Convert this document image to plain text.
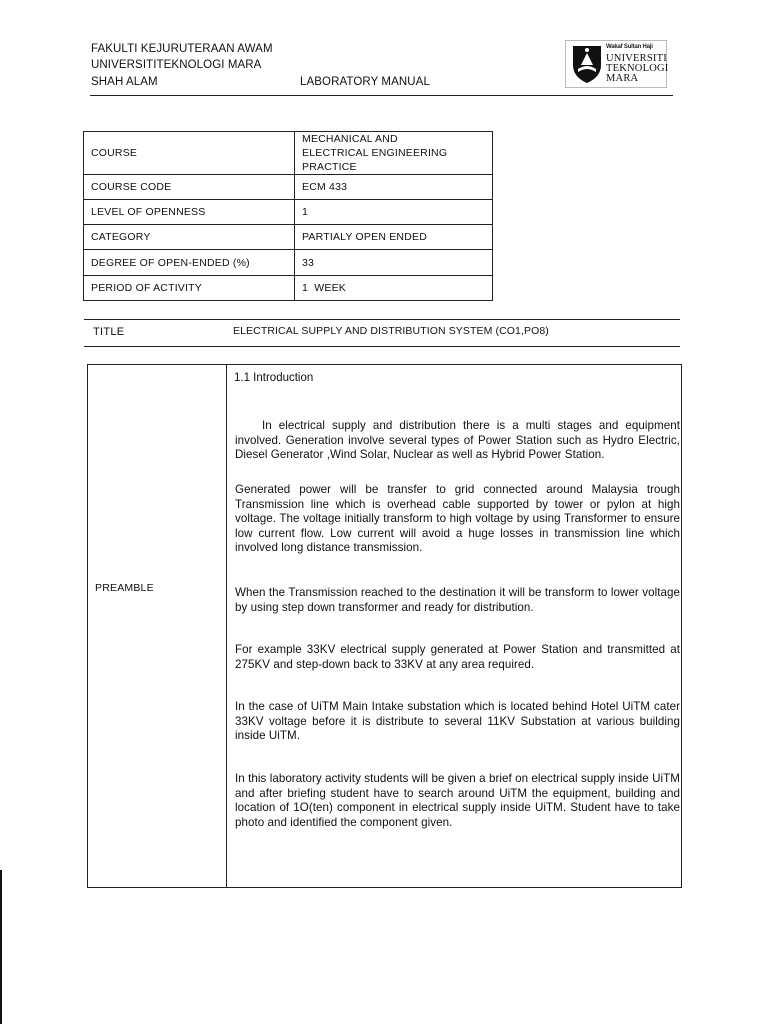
FAKULTI KEJURUTERAAN AWAM
UNIVERSITITEKNOLOGI MARA
SHAH ALAM	LABORATORY MANUAL
Wakaf Sultan Haji
UNIVERSITI
TEKNOLOGI
MARA
COURSE	MECHANICAL AND ELECTRICAL ENGINEERING PRACTICE
COURSE CODE	ECM 433
LEVEL OF OPENNESS	1
CATEGORY	PARTIALY OPEN ENDED
DEGREE OF OPEN-ENDED (%)	33
PERIOD OF ACTIVITY	1  WEEK
TITLE	ELECTRICAL SUPPLY AND DISTRIBUTION SYSTEM (CO1,PO8)
PREAMBLE
1.1 Introduction

In electrical supply and distribution there is a multi stages and equipment involved. Generation involve several types of Power Station such as Hydro Electric, Diesel Generator ,Wind Solar, Nuclear as well as Hybrid Power Station.

Generated power will be transfer to grid connected around Malaysia trough Transmission line which is overhead cable supported by tower or pylon at high voltage. The voltage initially transform to high voltage by using Transformer to ensure low current flow. Low current will avoid a huge losses in transmission line which involved long distance transmission.

When the Transmission reached to the destination it will be transform to lower voltage by using step down transformer and ready for distribution.

For example 33KV electrical supply generated at Power Station and transmitted at 275KV and step-down back to 33KV at any area required.

In the case of UiTM Main Intake substation which is located behind Hotel UiTM cater 33KV voltage before it is distribute to several 11KV Substation at various building inside UiTM.

In this laboratory activity students will be given a brief on electrical supply inside UiTM and after briefing student have to search around UiTM the equipment, building and location of 1O(ten) component in electrical supply inside UiTM. Student have to take photo and identified the component given.
